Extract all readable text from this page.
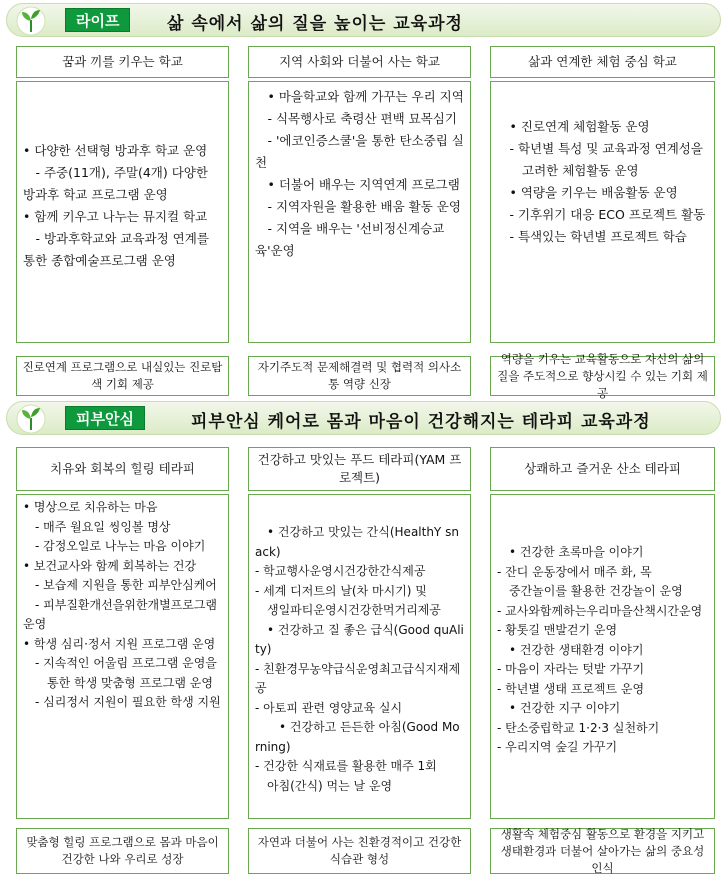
라이프	삶 속에서 삶의 질을 높이는 교육과정
꿈과 끼를 키우는 학교
• 다양한 선택형 방과후 학교 운영
　- 주중(11개), 주말(4개) 다양한 방과후 학교 프로그램 운영
• 함께 키우고 나누는 뮤지컬 학교
　- 방과후학교와 교육과정 연계를 통한 종합예술프로그램 운영
진로연계 프로그램으로 내실있는 진로탐색 기회 제공
지역 사회와 더불어 사는 학교
　• 마을학교와 함께 가꾸는 우리 지역
　- 식목행사로 축령산 편백 묘목심기
　- '에코인증스쿨'을 통한 탄소중립 실천
　• 더불어 배우는 지역연계 프로그램
　- 지역자원을 활용한 배움 활동 운영
　- 지역을 배우는 '선비정신계승교육'운영
자기주도적 문제해결력 및 협력적 의사소통 역량 신장
삶과 연계한 체험 중심 학교
　• 진로연계 체험활동 운영
　- 학년별 특성 및 교육과정 연계성을
　　고려한 체험활동 운영
　• 역량을 키우는 배움활동 운영
　- 기후위기 대응 ECO 프로젝트 활동
　- 특색있는 학년별 프로젝트 학습
역량을 키우는 교육활동으로 자신의 삶의 질을 주도적으로 향상시킬 수 있는 기회 제공
피부안심	피부안심 케어로 몸과 마음이 건강해지는 테라피 교육과정
치유와 회복의 힐링 테라피
• 명상으로 치유하는 마음
　- 매주 월요일 씽잉볼 명상
　- 감정오일로 나누는 마음 이야기
• 보건교사와 함께 회복하는 건강
　- 보습제 지원을 통한 피부안심케어
　- 피부질환개선을위한개별프로그램운영
• 학생 심리·정서 지원 프로그램 운영
　- 지속적인 어울림 프로그램 운영을
　　통한 학생 맞춤형 프로그램 운영
　- 심리정서 지원이 필요한 학생 지원
맞춤형 힐링 프로그램으로 몸과 마음이 건강한 나와 우리로 성장
건강하고 맛있는 푸드 테라피(YAM 프로젝트)
　• 건강하고 맛있는 간식(HealthY snack)
- 학교행사운영시건강한간식제공
- 세계 디저트의 날(차 마시기) 및
　생일파티운영시건강한먹거리제공
　• 건강하고 질 좋은 급식(Good quAlity)
- 친환경무농약급식운영최고급식지재제공
- 아토피 관련 영양교육 실시
　　• 건강하고 든든한 아침(Good Morning)
- 건강한 식재료를 활용한 매주 1회
　아침(간식) 먹는 날 운영
자연과 더불어 사는 친환경적이고 건강한 식습관 형성
상쾌하고 즐거운 산소 테라피
　• 건강한 초록마을 이야기
- 잔디 운동장에서 매주 화, 목
　중간놀이를 활용한 건강놀이 운영
- 교사와함께하는우리마을산책시간운영
- 황톳길 맨발걷기 운영
　• 건강한 생태환경 이야기
- 마음이 자라는 텃밭 가꾸기
- 학년별 생태 프로젝트 운영
　• 건강한 지구 이야기
- 탄소중립학교 1·2·3 실천하기
- 우리지역 숲길 가꾸기
생활속 체험중심 활동으로 환경을 지키고 생태환경과 더불어 살아가는 삶의 중요성 인식
